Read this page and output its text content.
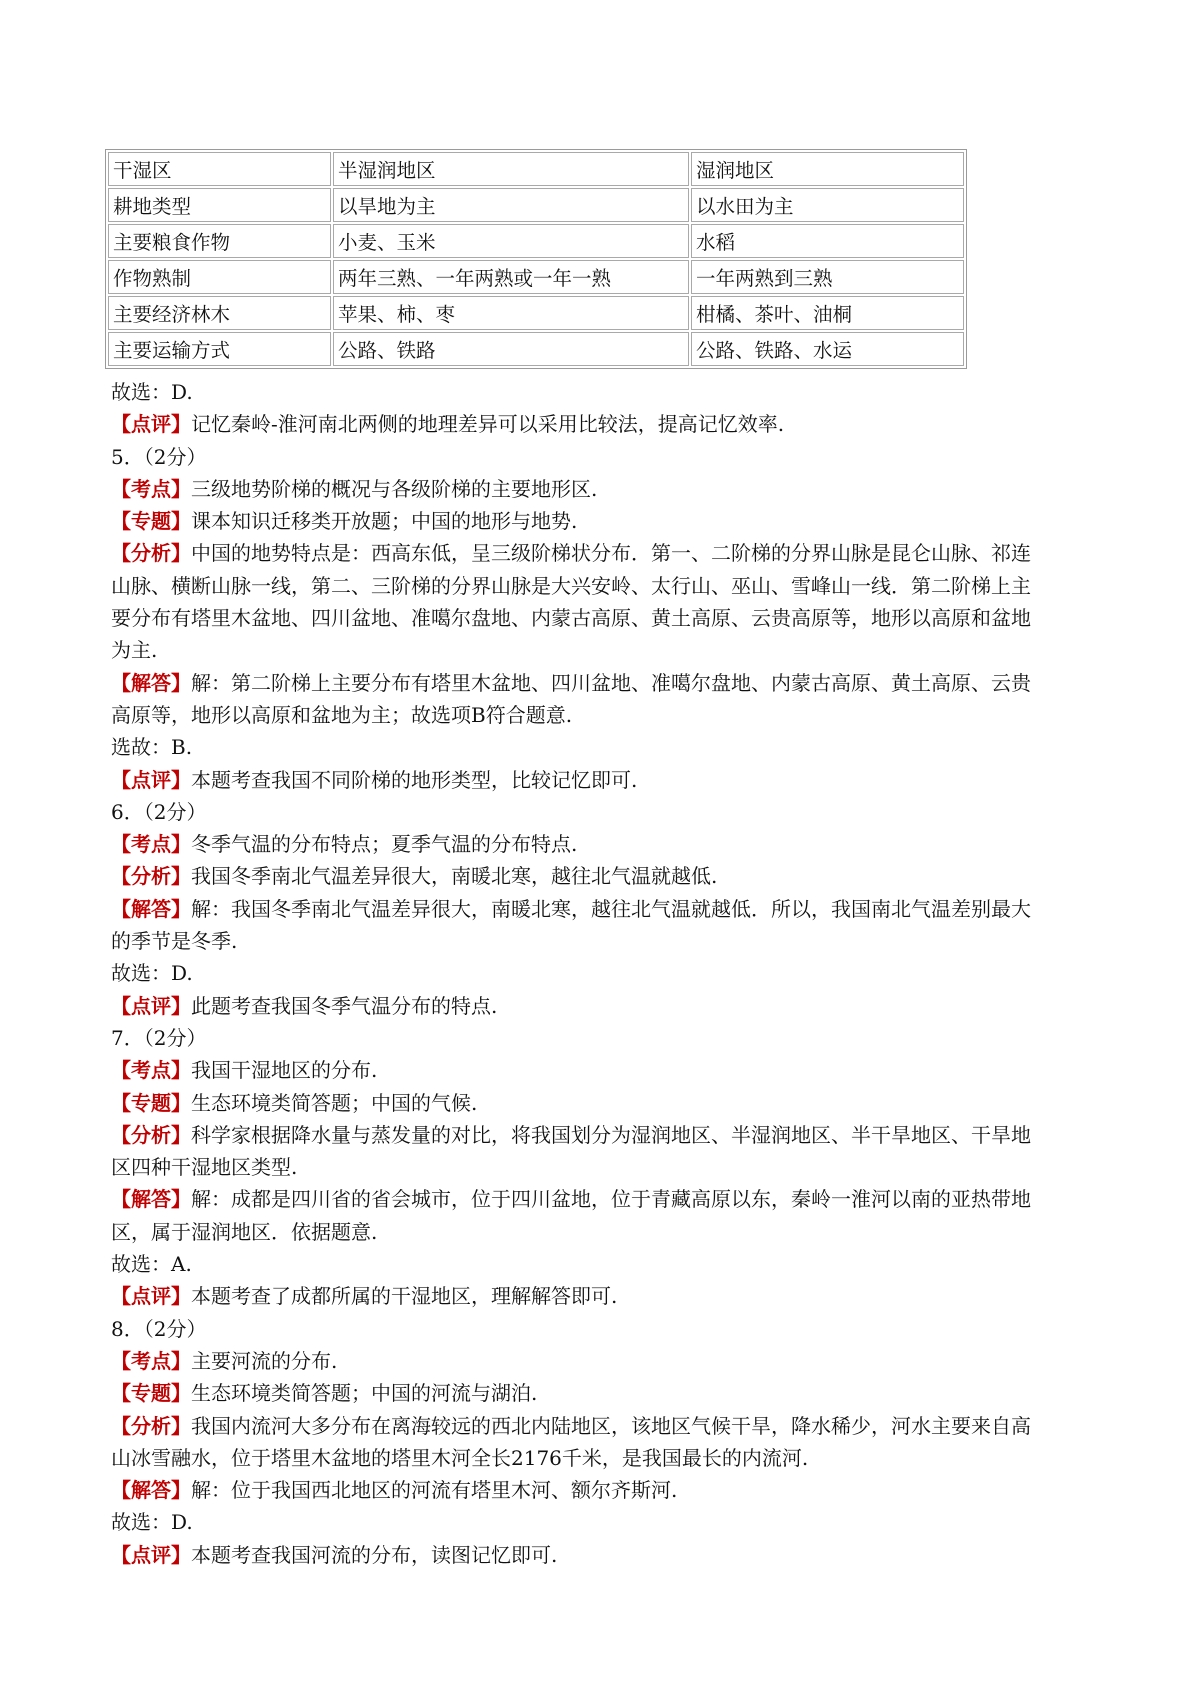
干湿区	半湿润地区	湿润地区
耕地类型	以旱地为主	以水田为主
主要粮食作物	小麦、玉米	水稻
作物熟制	两年三熟、一年两熟或一年一熟	一年两熟到三熟
主要经济林木	苹果、柿、枣	柑橘、茶叶、油桐
主要运输方式	公路、铁路	公路、铁路、水运
故选：D.
【点评】记忆秦岭-淮河南北两侧的地理差异可以采用比较法，提高记忆效率.
5．（2分）
【考点】三级地势阶梯的概况与各级阶梯的主要地形区.
【专题】课本知识迁移类开放题；中国的地形与地势.
【分析】中国的地势特点是：西高东低，呈三级阶梯状分布．第一、二阶梯的分界山脉是昆仑山脉、祁连
山脉、横断山脉一线，第二、三阶梯的分界山脉是大兴安岭、太行山、巫山、雪峰山一线．第二阶梯上主
要分布有塔里木盆地、四川盆地、准噶尔盘地、内蒙古高原、黄土高原、云贵高原等，地形以高原和盆地
为主.
【解答】解：第二阶梯上主要分布有塔里木盆地、四川盆地、准噶尔盘地、内蒙古高原、黄土高原、云贵
高原等，地形以高原和盆地为主；故选项B符合题意.
选故：B.
【点评】本题考查我国不同阶梯的地形类型，比较记忆即可.
6．（2分）
【考点】冬季气温的分布特点；夏季气温的分布特点.
【分析】我国冬季南北气温差异很大，南暖北寒，越往北气温就越低.
【解答】解：我国冬季南北气温差异很大，南暖北寒，越往北气温就越低．所以，我国南北气温差别最大
的季节是冬季.
故选：D.
【点评】此题考查我国冬季气温分布的特点.
7．（2分）
【考点】我国干湿地区的分布.
【专题】生态环境类简答题；中国的气候.
【分析】科学家根据降水量与蒸发量的对比，将我国划分为湿润地区、半湿润地区、半干旱地区、干旱地
区四种干湿地区类型.
【解答】解：成都是四川省的省会城市，位于四川盆地，位于青藏高原以东，秦岭一淮河以南的亚热带地
区，属于湿润地区．依据题意.
故选：A.
【点评】本题考查了成都所属的干湿地区，理解解答即可.
8．（2分）
【考点】主要河流的分布.
【专题】生态环境类简答题；中国的河流与湖泊.
【分析】我国内流河大多分布在离海较远的西北内陆地区，该地区气候干旱，降水稀少，河水主要来自高
山冰雪融水，位于塔里木盆地的塔里木河全长2176千米，是我国最长的内流河.
【解答】解：位于我国西北地区的河流有塔里木河、额尔齐斯河.
故选：D.
【点评】本题考查我国河流的分布，读图记忆即可.
